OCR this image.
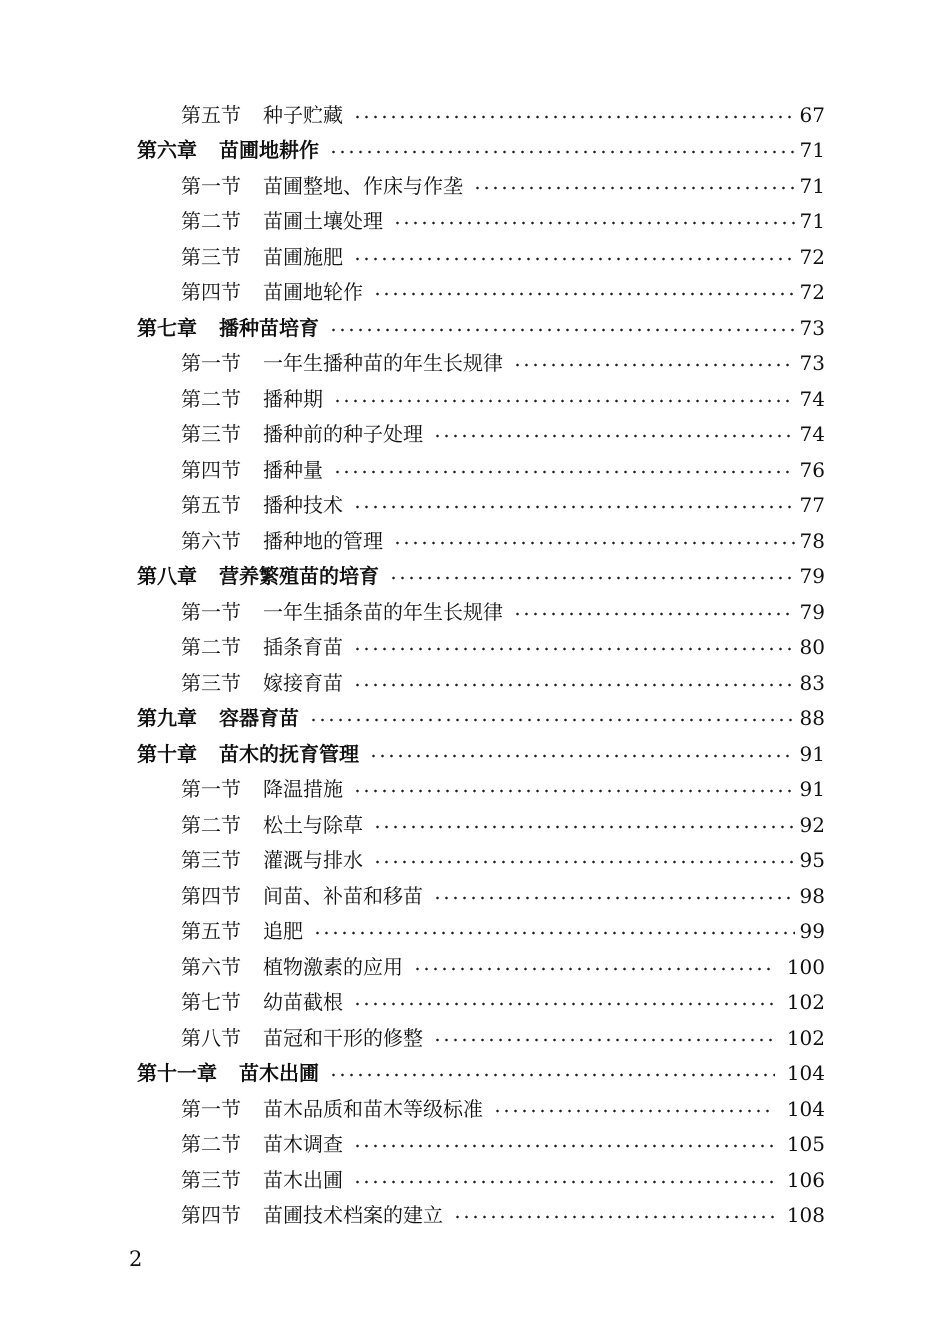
第五节 种子贮藏	67
第六章 苗圃地耕作	71
第一节 苗圃整地、作床与作垄	71
第二节 苗圃土壤处理	71
第三节 苗圃施肥	72
第四节 苗圃地轮作	72
第七章 播种苗培育	73
第一节 一年生播种苗的年生长规律	73
第二节 播种期	74
第三节 播种前的种子处理	74
第四节 播种量	76
第五节 播种技术	77
第六节 播种地的管理	78
第八章 营养繁殖苗的培育	79
第一节 一年生插条苗的年生长规律	79
第二节 插条育苗	80
第三节 嫁接育苗	83
第九章 容器育苗	88
第十章 苗木的抚育管理	91
第一节 降温措施	91
第二节 松土与除草	92
第三节 灌溉与排水	95
第四节 间苗、补苗和移苗	98
第五节 追肥	99
第六节 植物激素的应用	100
第七节 幼苗截根	102
第八节 苗冠和干形的修整	102
第十一章 苗木出圃	104
第一节 苗木品质和苗木等级标准	104
第二节 苗木调查	105
第三节 苗木出圃	106
第四节 苗圃技术档案的建立	108
2
